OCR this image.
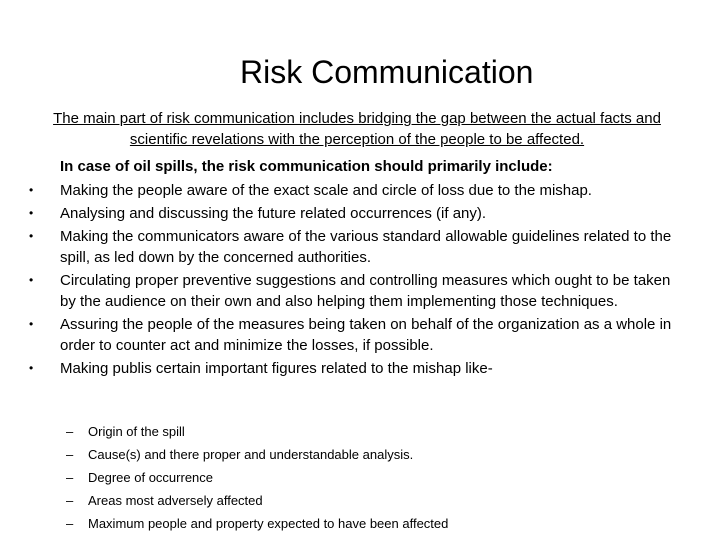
Risk Communication
The main part of risk communication includes bridging the gap between the actual facts and scientific revelations with the perception of the people to be affected.
In case of oil spills, the risk communication should primarily include:
• Making the people aware of the exact scale and circle of loss due to the mishap.
• Analysing and discussing the future related occurrences (if any).
• Making the communicators aware of the various standard allowable guidelines related to the spill, as led down by the concerned authorities.
• Circulating proper preventive suggestions and controlling measures which ought to be taken by the audience on their own and also helping them implementing those techniques.
• Assuring the people of the measures being taken on behalf of the organization as a whole in order to counter act and minimize the losses, if possible.
• Making publis certain important figures related to the mishap like-
– Origin of the spill
– Cause(s) and there proper and understandable analysis.
– Degree of occurrence
– Areas most adversely affected
– Maximum people and property expected to have been affected
